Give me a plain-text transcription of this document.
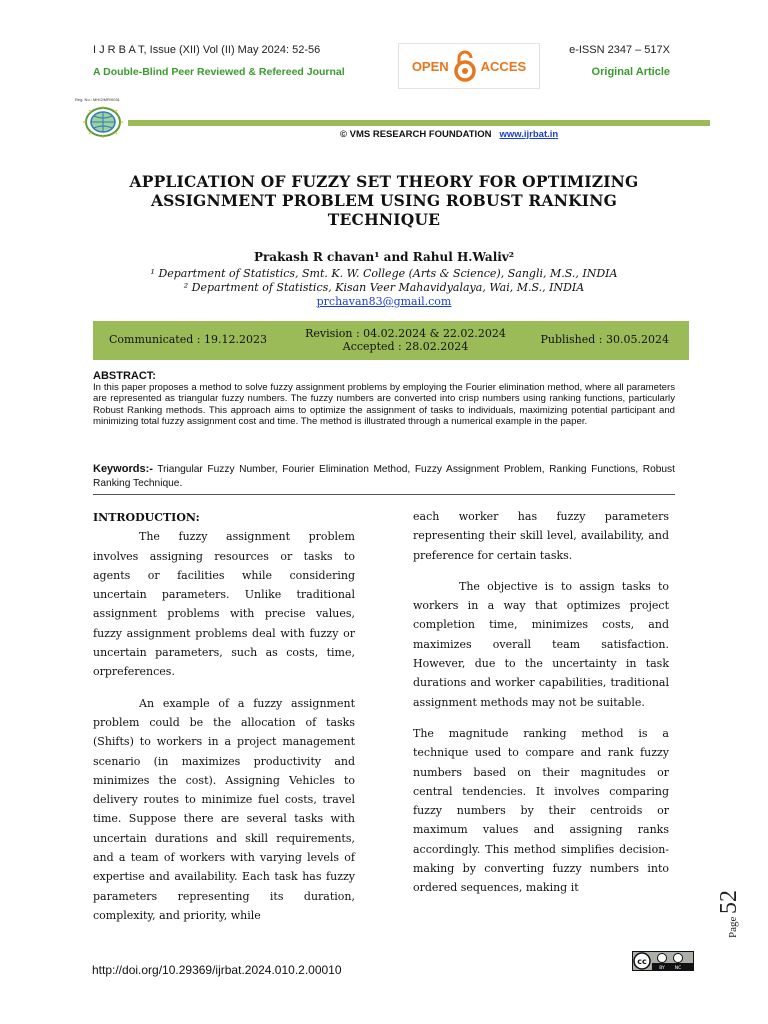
I J R B A T, Issue (XII) Vol (II) May 2024: 52-56
A Double-Blind Peer Reviewed & Refereed Journal	OPEN ACCES
e-ISSN 2347 – 517X
Original Article
Reg. No.: MH/2/MR/0031
© VMS RESEARCH FOUNDATION www.ijrbat.in
APPLICATION OF FUZZY SET THEORY FOR OPTIMIZING ASSIGNMENT PROBLEM USING ROBUST RANKING TECHNIQUE
Prakash R chavan¹ and Rahul H.Waliv²
¹ Department of Statistics, Smt. K. W. College (Arts & Science), Sangli, M.S., INDIA
² Department of Statistics, Kisan Veer Mahavidyalaya, Wai, M.S., INDIA
prchavan83@gmail.com
Communicated : 19.12.2023	Revision : 04.02.2024 & 22.02.2024
Accepted : 28.02.2024
Published : 30.05.2024
ABSTRACT:
In this paper proposes a method to solve fuzzy assignment problems by employing the Fourier elimination method, where all parameters are represented as triangular fuzzy numbers. The fuzzy numbers are converted into crisp numbers using ranking functions, particularly Robust Ranking methods. This approach aims to optimize the assignment of tasks to individuals, maximizing potential participant and minimizing total fuzzy assignment cost and time. The method is illustrated through a numerical example in the paper.
Keywords:- Triangular Fuzzy Number, Fourier Elimination Method, Fuzzy Assignment Problem, Ranking Functions, Robust Ranking Technique.
INTRODUCTION:

The fuzzy assignment problem involves assigning resources or tasks to agents or facilities while considering uncertain parameters. Unlike traditional assignment problems with precise values, fuzzy assignment problems deal with fuzzy or uncertain parameters, such as costs, time, orpreferences.

An example of a fuzzy assignment problem could be the allocation of tasks (Shifts) to workers in a project management scenario (in maximizes productivity and minimizes the cost). Assigning Vehicles to delivery routes to minimize fuel costs, travel time. Suppose there are several tasks with uncertain durations and skill requirements, and a team of workers with varying levels of expertise and availability. Each task has fuzzy parameters representing its duration, complexity, and priority, while

each worker has fuzzy parameters representing their skill level, availability, and preference for certain tasks.

The objective is to assign tasks to workers in a way that optimizes project completion time, minimizes costs, and maximizes overall team satisfaction. However, due to the uncertainty in task durations and worker capabilities, traditional assignment methods may not be suitable.

The magnitude ranking method is a technique used to compare and rank fuzzy numbers based on their magnitudes or central tendencies. It involves comparing fuzzy numbers by their centroids or maximum values and assigning ranks accordingly. This method simplifies decision-making by converting fuzzy numbers into ordered sequences, making it

Page
52
http://doi.org/10.29369/ijrbat.2024.010.2.00010
cc
BY NC
